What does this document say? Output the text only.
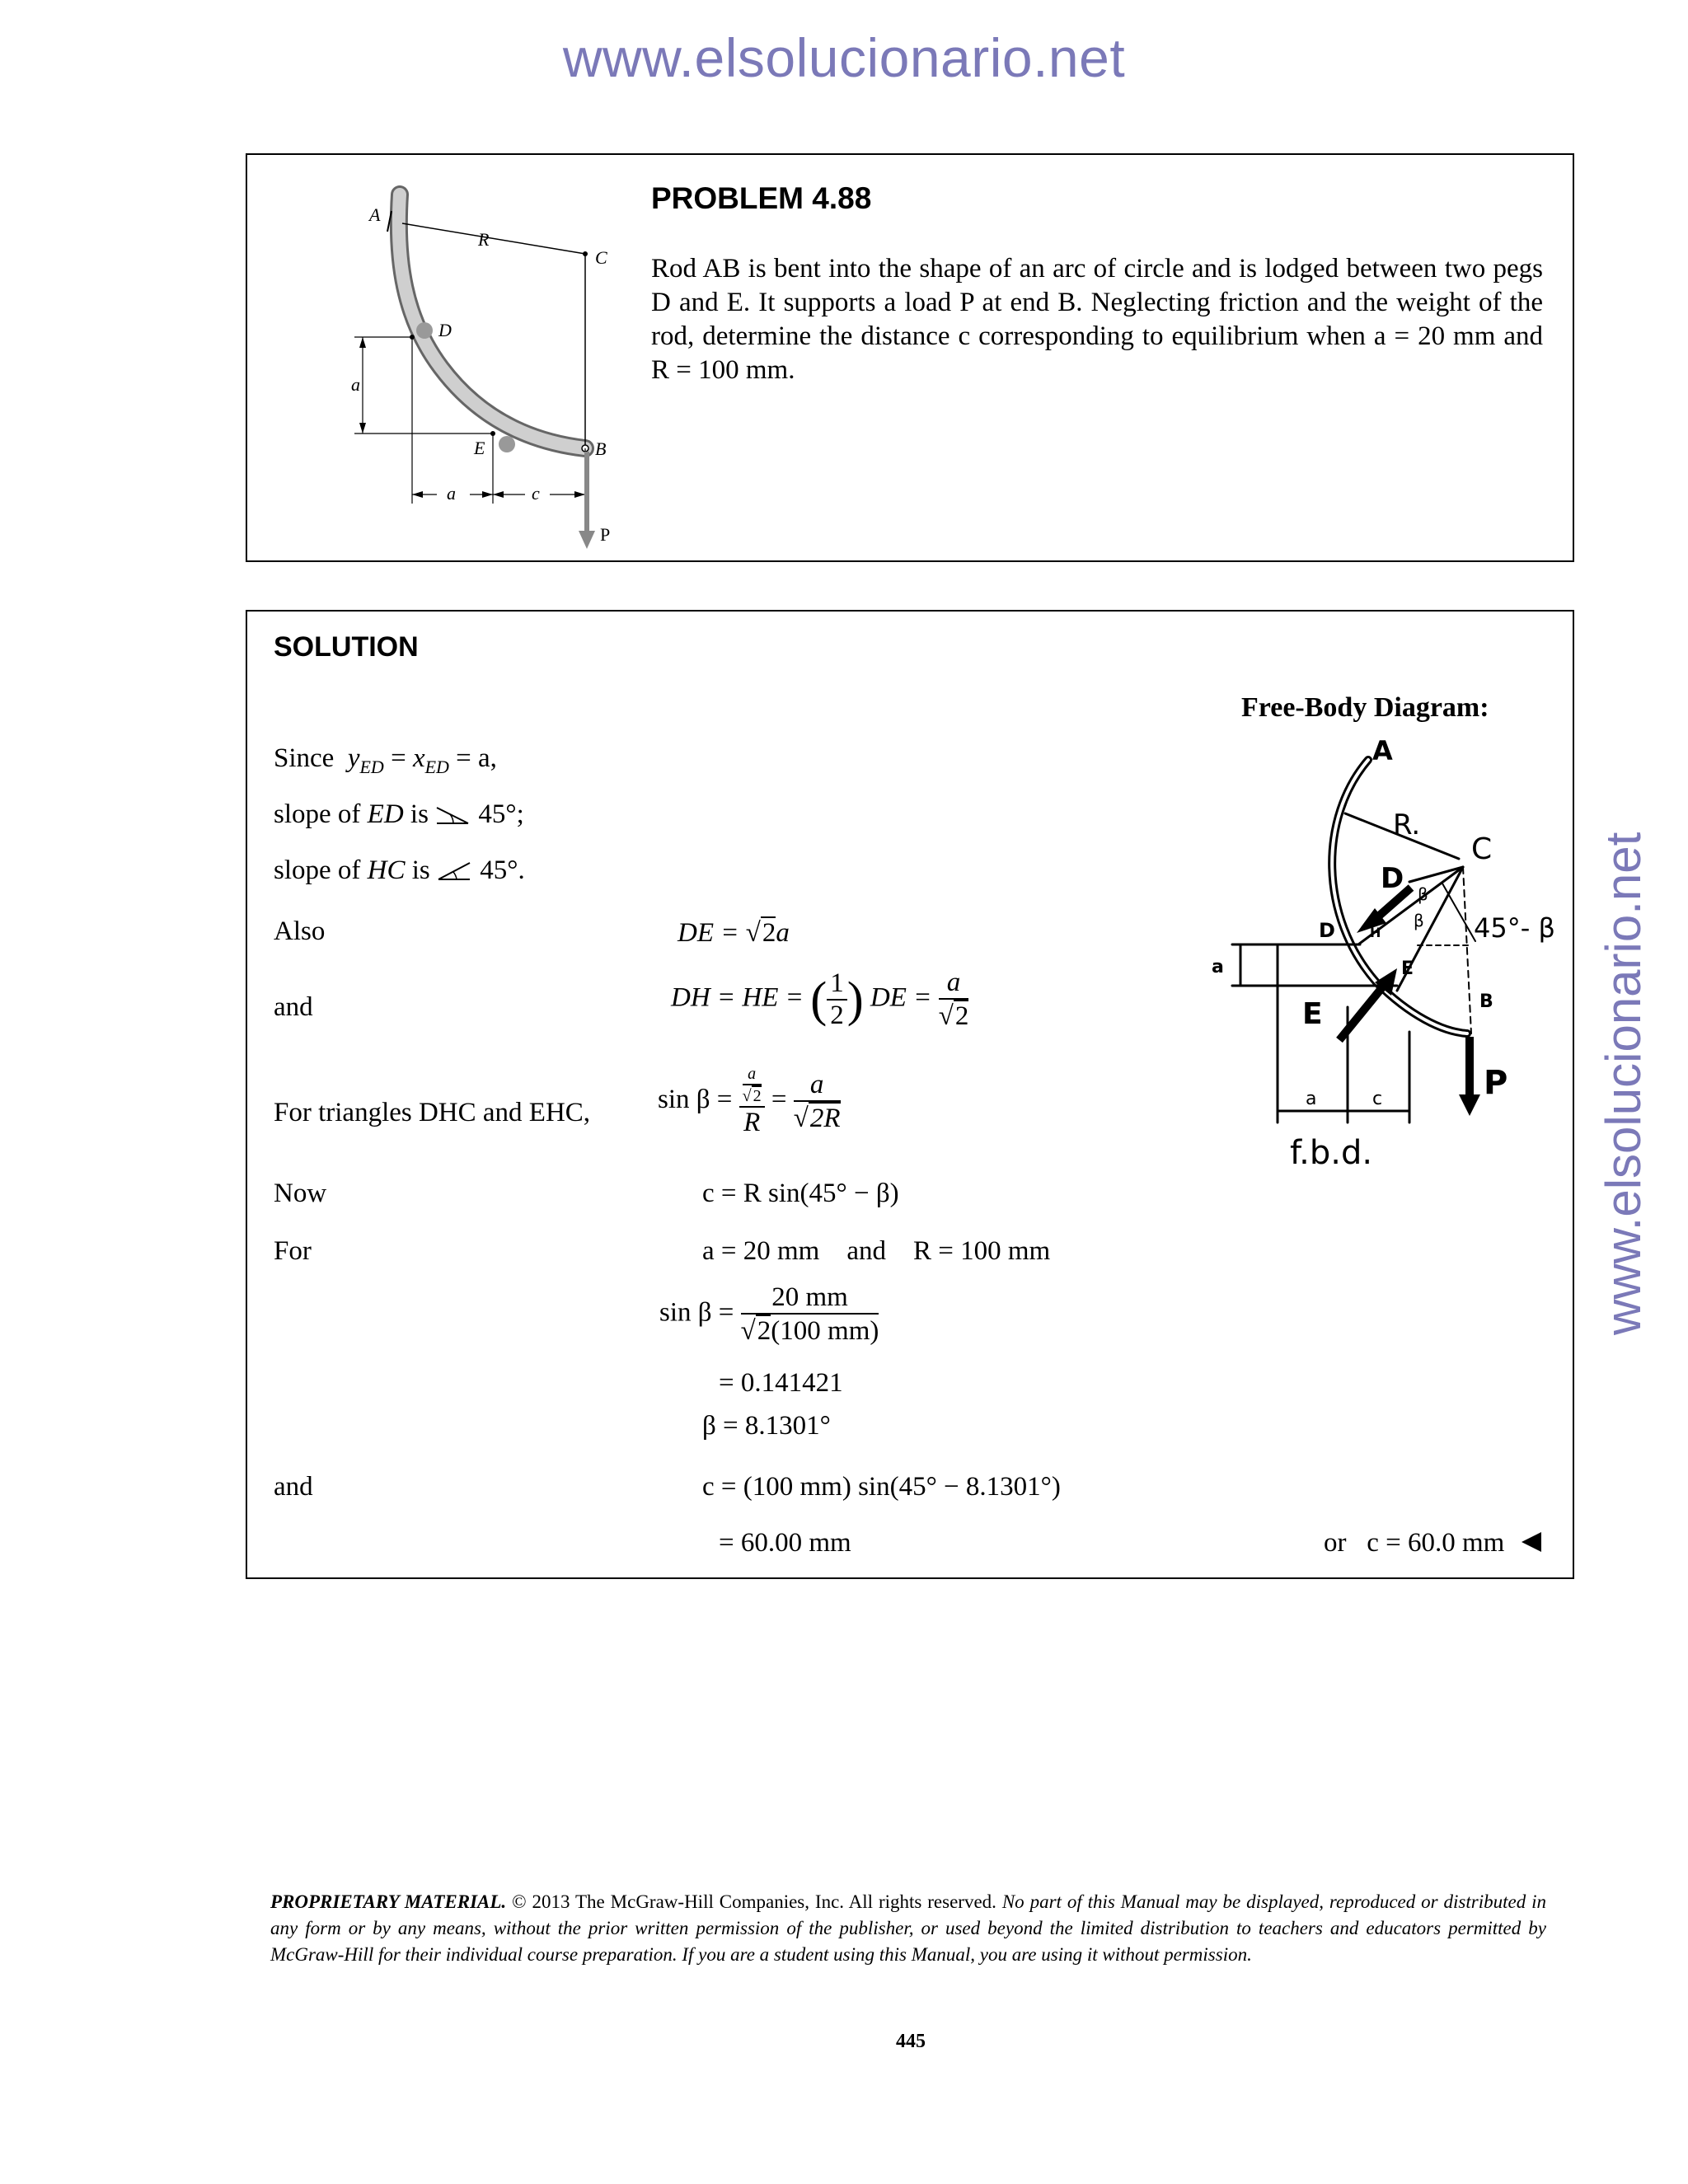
www.elsolucionario.net
www.elsolucionario.net
A
R
C
D
a
E	B
a	c
P
PROBLEM 4.88
Rod AB is bent into the shape of an arc of circle and is lodged between two pegs D and E. It supports a load P at end B. Neglecting friction and the weight of the rod, determine the distance c corresponding to equilibrium when a = 20 mm and R = 100 mm.
SOLUTION
Free-Body Diagram:
A
R.
C
D
D	H
β
β 45°- β
a	E
E	B
P
a	c
f.b.d.
Since $y_{ED} = x_{ED} = a$,
slope of ED is 45°;
slope of HC is 45°.
Also	DE = √2a
and	DH = HE = ( $\frac{1}{2}$ ) DE = $\frac{a}{√2}$
For triangles DHC and EHC, $\sin \beta = \frac{\frac{a}{√ 2}}{R} = \frac{a}{√2R}$
Now	c = R sin(45° − β)
For	a = 20 mm and R = 100 mm
$\sin \beta = \frac{20 mm}{√2(100 mm)}$
= 0.141421
β = 8.1301°
and	c = (100 mm) sin(45° − 8.1301°)
= 60.00 mm	or   c = 60.0 mm
PROPRIETARY MATERIAL. © 2013 The McGraw-Hill Companies, Inc. All rights reserved. No part of this Manual may be displayed, reproduced or distributed in any form or by any means, without the prior written permission of the publisher, or used beyond the limited distribution to teachers and educators permitted by McGraw-Hill for their individual course preparation. If you are a student using this Manual, you are using it without permission.
445
